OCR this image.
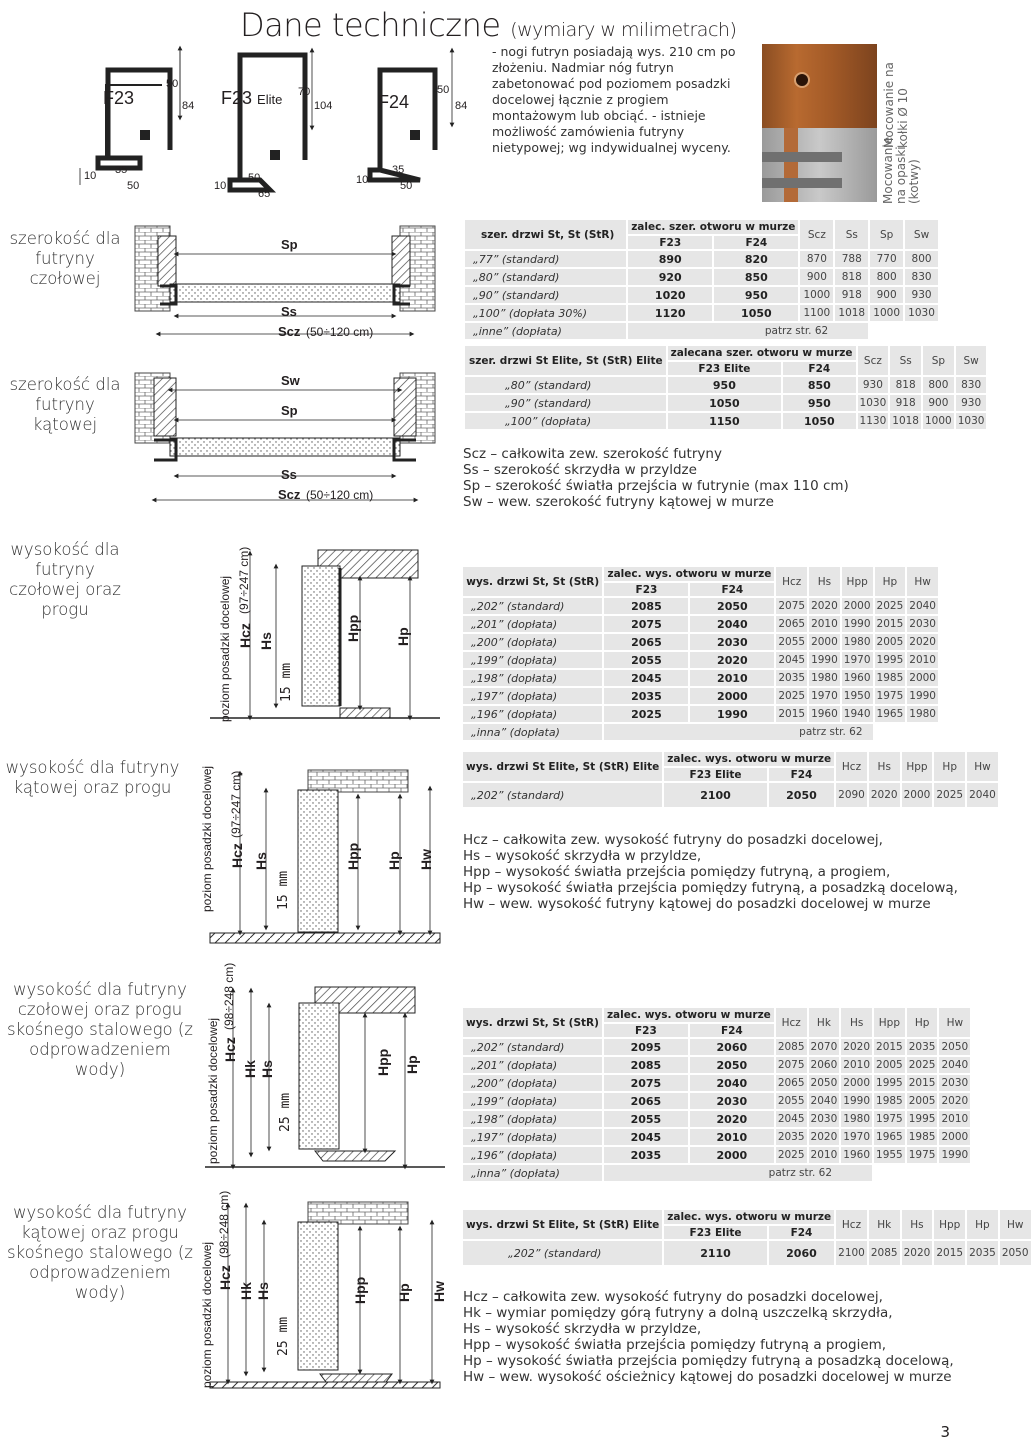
Dane techniczne (wymiary w milimetrach)
F23
50
84
35
50
10
F23 Elite 70
104
50
65
10
F24
50
84
35
50
10
- nogi futryn posiadają wys. 210 cm po złożeniu. Nadmiar nóg futryn zabetonować pod poziomem posadzki docelowej łącznie z progiem montażowym lub obciąć. - istnieje możliwość zamówienia futryny nietypowej; wg indywidualnej wyceny.	Mocowanie na kołki Ø 10
Mocowanie na opaski (kotwy)
szerokość dla futryny czołowej
szerokość dla futryny kątowej
wysokość dla futryny czołowej oraz progu
wysokość dla futryny kątowej oraz progu
wysokość dla futryny czołowej oraz progu skośnego stalowego (z odprowadzeniem wody)
wysokość dla futryny kątowej oraz progu skośnego stalowego (z odprowadzeniem wody)
Sp
Ss
Scz (50÷120 cm)
Sw
Sp
Ss
Scz (50÷120 cm)
poziom posadzki docelowej Hcz
(97÷247 cm)
Hs
15 mm
Hpp Hp
poziom posadzki docelowej Hcz
(97÷247 cm)
Hs
15 mm
Hpp Hp Hw
poziom posadzki docelowej Hcz
(98÷248 cm)
Hk Hs
25 mm
Hpp Hp
poziom posadzki docelowej Hcz
(98÷248 cm)
Hk Hs
25 mm
Hpp Hp Hw
szer. drzwi St, St (StR)	zalec. szer. otworu w murze		Scz	Ss	Sp	Sw
	F23	F24				
„77” (standard)	890	820	870	788	770	800
„80” (standard)	920	850	900	818	800	830
„90” (standard)	1020	950	1000	918	900	930
„100” (dopłata 30%)	1120	1050	1100	1018	1000	1030
„inne” (dopłata)	patrz str. 62					
szer. drzwi St Elite, St (StR) Elite	zalecana szer. otworu w murze		Scz	Ss	Sp	Sw
	F23 Elite	F24				
„80” (standard)	950	850	930	818	800	830
„90” (standard)	1050	950	1030	918	900	930
„100” (dopłata)	1150	1050	1130	1018	1000	1030
Scz – całkowita zew. szerokość futryny
Ss – szerokość skrzydła w przyldze
Sp – szerokość światła przejścia w futrynie (max 110 cm)
Sw – wew. szerokość futryny kątowej w murze
wys. drzwi St, St (StR)	zalec. wys. otworu w murze		Hcz	Hs	Hpp	Hp	Hw
	F23	F24					
„202” (standard)	2085	2050	2075	2020	2000	2025	2040
„201” (dopłata)	2075	2040	2065	2010	1990	2015	2030
„200” (dopłata)	2065	2030	2055	2000	1980	2005	2020
„199” (dopłata)	2055	2020	2045	1990	1970	1995	2010
„198” (dopłata)	2045	2010	2035	1980	1960	1985	2000
„197” (dopłata)	2035	2000	2025	1970	1950	1975	1990
„196” (dopłata)	2025	1990	2015	1960	1940	1965	1980
„inna” (dopłata)	patrz str. 62						
wys. drzwi St Elite, St (StR) Elite	zalec. wys. otworu w murze		Hcz	Hs	Hpp	Hp	Hw
	F23 Elite	F24					
„202” (standard)	2100	2050	2090	2020	2000	2025	2040
Hcz – całkowita zew. wysokość futryny do posadzki docelowej,
Hs – wysokość skrzydła w przyldze,
Hpp – wysokość światła przejścia pomiędzy futryną, a progiem,
Hp – wysokość światła przejścia pomiędzy futryną, a posadzką docelową,
Hw – wew. wysokość futryny kątowej do posadzki docelowej w murze
wys. drzwi St, St (StR)	zalec. wys. otworu w murze		Hcz	Hk	Hs	Hpp	Hp	Hw
	F23	F24						
„202” (standard)	2095	2060	2085	2070	2020	2015	2035	2050
„201” (dopłata)	2085	2050	2075	2060	2010	2005	2025	2040
„200” (dopłata)	2075	2040	2065	2050	2000	1995	2015	2030
„199” (dopłata)	2065	2030	2055	2040	1990	1985	2005	2020
„198” (dopłata)	2055	2020	2045	2030	1980	1975	1995	2010
„197” (dopłata)	2045	2010	2035	2020	1970	1965	1985	2000
„196” (dopłata)	2035	2000	2025	2010	1960	1955	1975	1990
„inna” (dopłata)	patrz str. 62							
wys. drzwi St Elite, St (StR) Elite	zalec. wys. otworu w murze		Hcz	Hk	Hs	Hpp	Hp	Hw
	F23 Elite	F24						
„202” (standard)	2110	2060	2100	2085	2020	2015	2035	2050
Hcz – całkowita zew. wysokość futryny do posadzki docelowej,
Hk – wymiar pomiędzy górą futryny a dolną uszczelką skrzydła,
Hs – wysokość skrzydła w przyldze,
Hpp – wysokość światła przejścia pomiędzy futryną a progiem,
Hp – wysokość światła przejścia pomiędzy futryną a posadzką docelową,
Hw – wew. wysokość ościeżnicy kątowej do posadzki docelowej w murze
3
